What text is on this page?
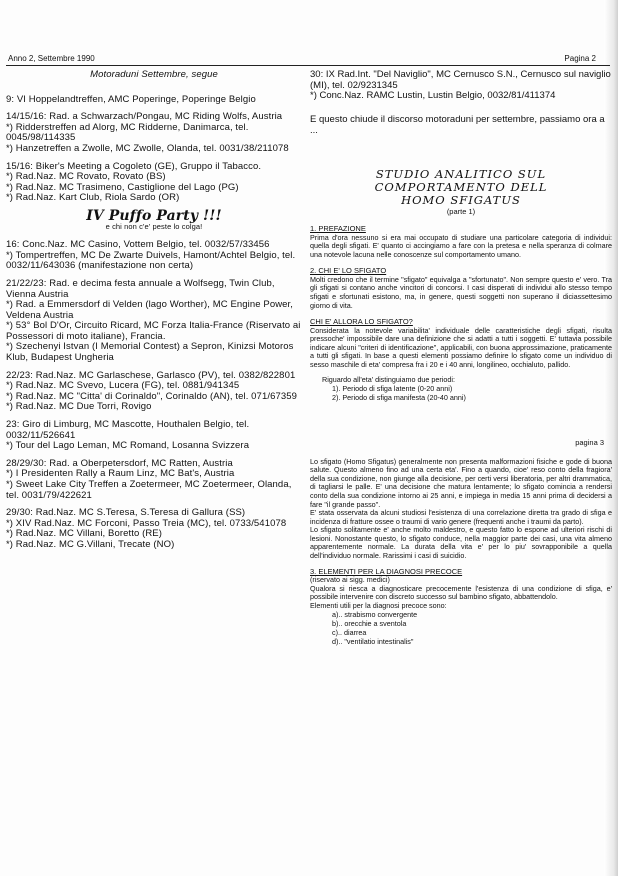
Anno 2, Settembre 1990	Pagina 2

Motoraduni Settembre, segue

9: VI Hoppelandtreffen, AMC Poperinge, Poperinge Belgio

14/15/16: Rad. a Schwarzach/Pongau, MC Riding Wolfs, Austria
*) Ridderstreffen ad Alorg, MC Ridderne, Danimarca, tel. 0045/98/114335
*) Hanzetreffen a Zwolle, MC Zwolle, Olanda, tel. 0031/38/211078

15/16: Biker's Meeting a Cogoleto (GE), Gruppo il Tabacco.
*) Rad.Naz. MC Rovato, Rovato (BS)
*) Rad.Naz. MC Trasimeno, Castiglione del Lago (PG)
*) Rad.Naz. Kart Club, Riola Sardo (OR)

IV Puffo Party !!!

e chi non c'e' peste lo colga!

16: Conc.Naz. MC Casino, Vottem Belgio, tel. 0032/57/33456
*) Tompertreffen, MC De Zwarte Duivels, Hamont/Achtel Belgio, tel. 0032/11/643036 (manifestazione non certa)

21/22/23: Rad. e decima festa annuale a Wolfsegg, Twin Club, Vienna Austria
*) Rad. a Emmersdorf di Velden (lago Worther), MC Engine Power, Veldena Austria
*) 53° Bol D'Or, Circuito Ricard, MC Forza Italia-France (Riservato ai Possessori di moto italiane), Francia.
*) Szechenyi Istvan (I Memorial Contest) a Sepron, Kinizsi Motoros Klub, Budapest Ungheria

22/23: Rad.Naz. MC Garlaschese, Garlasco (PV), tel. 0382/822801
*) Rad.Naz. MC Svevo, Lucera (FG), tel. 0881/941345
*) Rad.Naz. MC "Citta' di Corinaldo", Corinaldo (AN), tel. 071/67359
*) Rad.Naz. MC Due Torri, Rovigo

23: Giro di Limburg, MC Mascotte, Houthalen Belgio, tel. 0032/11/526641
*) Tour del Lago Leman, MC Romand, Losanna Svizzera

28/29/30: Rad. a Oberpetersdorf, MC Ratten, Austria
*) I Presidenten Rally a Raum Linz, MC Bat's, Austria
*) Sweet Lake City Treffen a Zoetermeer, MC Zoetermeer, Olanda, tel. 0031/79/422621

29/30: Rad.Naz. MC S.Teresa, S.Teresa di Gallura (SS)
*) XIV Rad.Naz. MC Forconi, Passo Treia (MC), tel. 0733/541078
*) Rad.Naz. MC Villani, Boretto (RE)
*) Rad.Naz. MC G.Villani, Trecate (NO)

30: IX Rad.Int. "Del Naviglio", MC Cernusco S.N., Cernusco sul naviglio (MI), tel. 02/9231345
*) Conc.Naz. RAMC Lustin, Lustin Belgio, 0032/81/411374

E questo chiude il discorso motoraduni per settembre, passiamo ora a ...

STUDIO ANALITICO SUL
COMPORTAMENTO DELL
HOMO SFIGATUS

(parte 1)

1. PREFAZIONE

Prima d'ora nessuno si era mai occupato di studiare una particolare categoria di individui: quella degli sfigati. E' quanto ci accingiamo a fare con la pretesa e nella speranza di colmare una notevole lacuna nelle conoscenze sul comportamento umano.

2. CHI E' LO SFIGATO

Molti credono che il termine "sfigato" equivalga a "sfortunato". Non sempre questo e' vero. Tra gli sfigati si contano anche vincitori di concorsi. I casi disperati di individui allo stesso tempo sfigati e sfortunati esistono, ma, in genere, questi soggetti non superano il diciassettesimo giorno di vita.

CHI E' ALLORA LO SFIGATO?

Considerata la notevole variabilita' individuale delle caratteristiche degli sfigati, risulta pressoche' impossibile dare una definizione che si adatti a tutti i soggetti. E' tuttavia possibile indicare alcuni "criteri di identificazione", applicabili, con buona approssimazione, praticamente a tutti gli sfigati. In base a questi elementi possiamo definire lo sfigato come un individuo di sesso maschile di eta' compresa fra i 20 e i 40 anni, longilineo, occhialuto, pallido.

Riguardo all'eta' distinguiamo due periodi:

1). Periodo di sfiga latente (0-20 anni)

2). Periodo di sfiga manifesta (20-40 anni)

pagina 3

Lo sfigato (Homo Sfigatus) generalmente non presenta malformazioni fisiche e gode di buona salute. Questo almeno fino ad una certa eta'. Fino a quando, cioe' reso conto della fragiora' della sua condizione, non giunge alla decisione, per certi versi liberatoria, per altri drammatica, di tagliarsi le palle. E' una decisione che matura lentamente; lo sfigato comincia a rendersi conto della sua condizione intorno ai 25 anni, e impiega in media 15 anni prima di decidersi a fare "il grande passo".

E' stata osservata da alcuni studiosi l'esistenza di una correlazione diretta tra grado di sfiga e incidenza di fratture ossee o traumi di vario genere (frequenti anche i traumi da parto).

Lo sfigato solitamente e' anche molto maldestro, e questo fatto lo espone ad ulteriori rischi di lesioni. Nonostante questo, lo sfigato conduce, nella maggior parte dei casi, una vita almeno apparentemente normale. La durata della vita e' per lo piu' sovrapponibile a quella dell'individuo normale. Rarissimi i casi di suicidio.

3. ELEMENTI PER LA DIAGNOSI PRECOCE

(riservato ai sigg. medici)

Qualora si riesca a diagnosticare precocemente l'esistenza di una condizione di sfiga, e' possibile intervenire con discreto successo sul bambino sfigato, abbattendolo.

Elementi utili per la diagnosi precoce sono:

a).. strabismo convergente

b).. orecchie a sventola

c).. diarrea

d).. "ventilatio intestinalis"
